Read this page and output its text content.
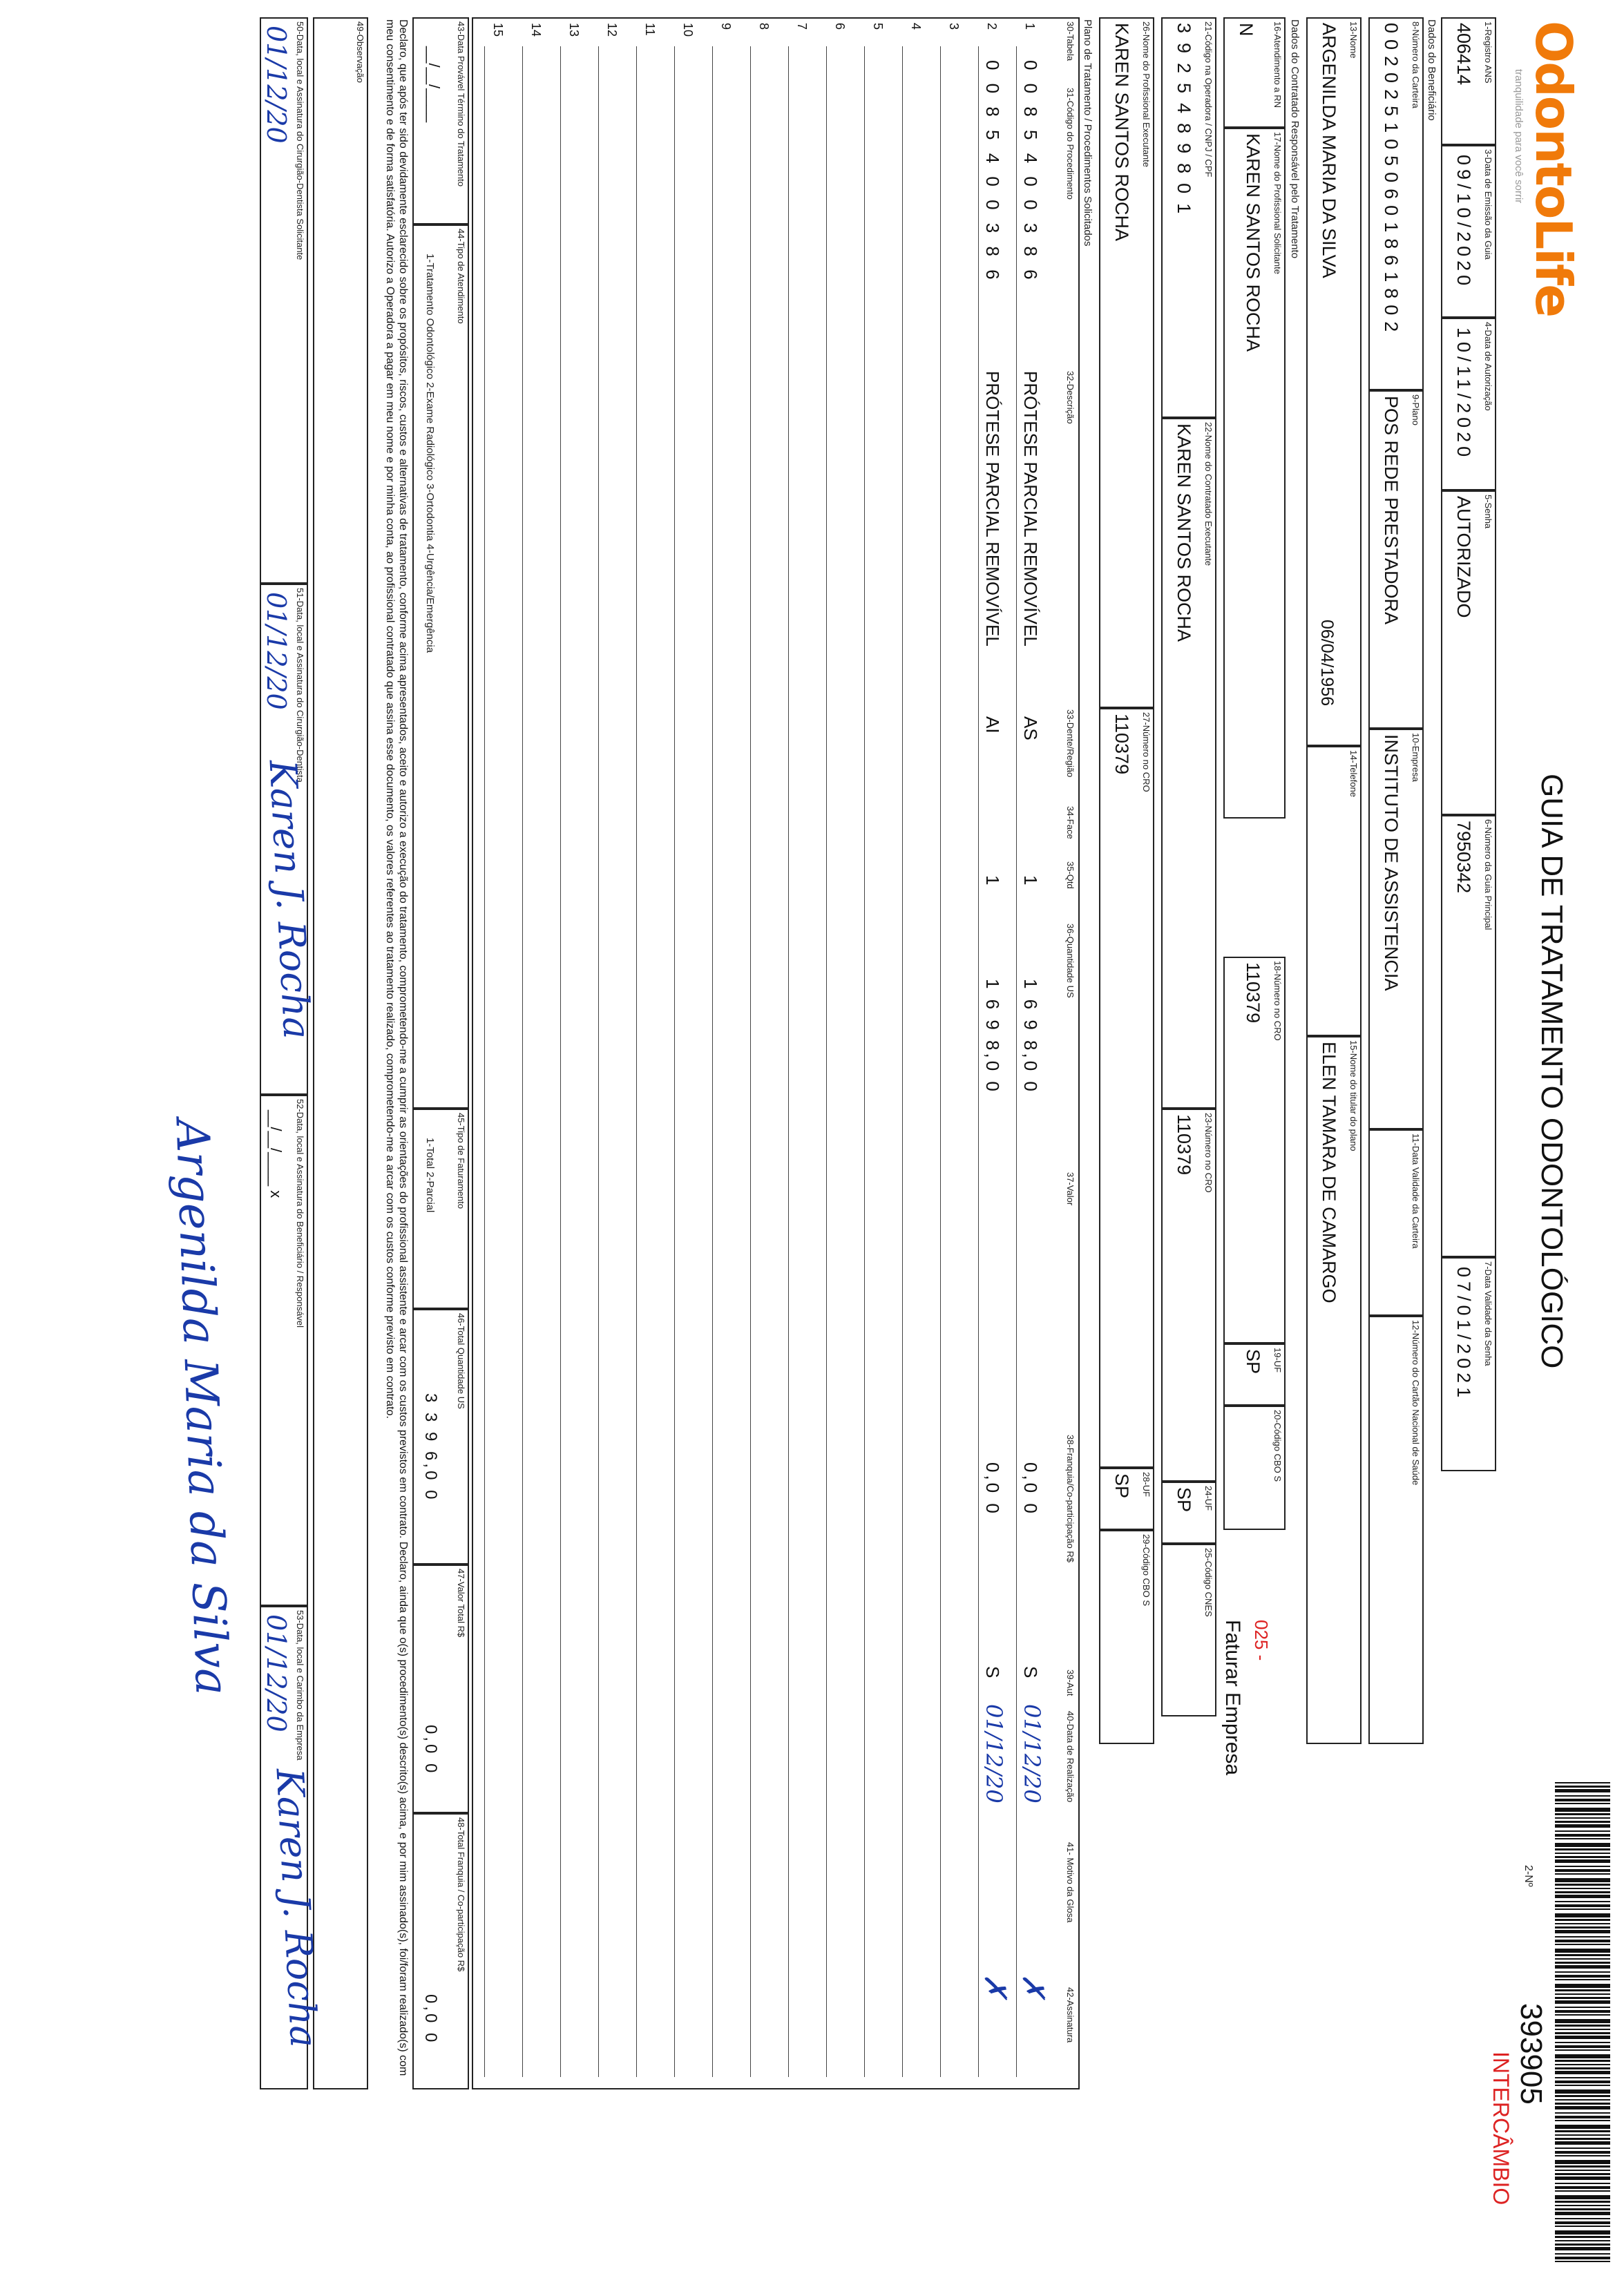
OdontoLife
tranquilidade para você sorrir
GUIA DE TRATAMENTO ODONTOLÓGICO
2-Nº
393905
INTERCÂMBIO
1-Registro ANS
406414
3-Data de Emissão da Guia
09/10/2020
4-Data de Autorização
10/11/2020
5-Senha
AUTORIZADO
6-Número da Guia Principal
7950342
7-Data Validade da Senha
07/01/2021
Dados do Beneficiário
8-Número da Carteira
0020251050601861802
9-Plano
POS REDE PRESTADORA
10-Empresa
INSTITUTO DE ASSISTENCIA
11-Data Validade da Carteira
12-Número do Cartão Nacional de Saúde
13-Nome
ARGENILDA MARIA DA SILVA
06/04/1956
14-Telefone
15-Nome do titular do plano
ELEN TAMARA DE CAMARGO
Dados do Contratado Responsável pelo Tratamento
16-Atendimento a RN
N
17-Nome do Profissional Solicitante
KAREN SANTOS ROCHA
18-Número no CRO
110379
19-UF
SP
20-Código CBO S
025 -
Faturar Empresa
21-Código na Operadora / CNPJ / CPF
3925489801
22-Nome do Contratado Executante
KAREN SANTOS ROCHA
23-Número no CRO
110379
24-UF
SP
25-Código CNES
26-Nome do Profissional Executante
KAREN SANTOS ROCHA
27-Número no CRO
110379
28-UF
SP
29-Código CBO S
Plano de Tratamento / Procedimentos Solicitados
30-Tabela
31-Código do Procedimento
32-Descrição
33-Dente/Região
34-Face
35-Qtd
36-Quantidade US
37-Valor
38-Franquia/Co-participação R$
39-Aut
40-Data de Realização
41- Motivo da Glosa
42-Assinatura
1
0 0 8 5 4 0 0 3 8 6
PRÓTESE PARCIAL REMOVÍVEL
AS
1
1 6 9 8,0 0
0,0 0
S
01/12/20
✗
2
0 0 8 5 4 0 0 3 8 6
PRÓTESE PARCIAL REMOVÍVEL
AI
1
1 6 9 8,0 0
0,0 0
S
01/12/20
✗
3
4
5
6
7
8
9
10
11
12
13
14
15
43-Data Provável Término do Tratamento
__/__/____
44-Tipo de Atendimento
1-Tratamento Odontológico 2-Exame Radiológico 3-Ortodontia 4-Urgência/Emergência
45-Tipo de Faturamento
1-Total 2-Parcial
46-Total Quantidade US
3 3 9 6,0 0
47-Valor Total R$
0,0 0
48-Total Franquia / Co-participação R$
0,0 0
Declaro, que após ter sido devidamente esclarecido sobre os propósitos, riscos, custos e alternativas de tratamento, conforme acima apresentados, aceito e autorizo a execução do tratamento, comprometendo-me a cumprir as orientações do profissional assistente e arcar com os custos previstos em contrato. Declaro, ainda que o(s) procedimento(s) descrito(s) acima, e por mim assinado(s), foi/foram realizado(s) com meu consentimento e de forma satisfatória. Autorizo a Operadora a pagar em meu nome e por minha conta, ao profissional contratado que assina esse documento, os valores referentes ao tratamento realizado, comprometendo-me a arcar com os custos conforme previsto em contrato.
49-Observação
50-Data, local e Assinatura do Cirurgião-Dentista Solicitante
01/12/20
51-Data, local e Assinatura do Cirurgião-Dentista
01/12/20
52-Data, local e Assinatura do Beneficiário / Responsável
__/__/____ x
53-Data, local e Carimbo da Empresa
01/12/20
Karen J. Rocha
Karen J. Rocha
Argenilda Maria da Silva
